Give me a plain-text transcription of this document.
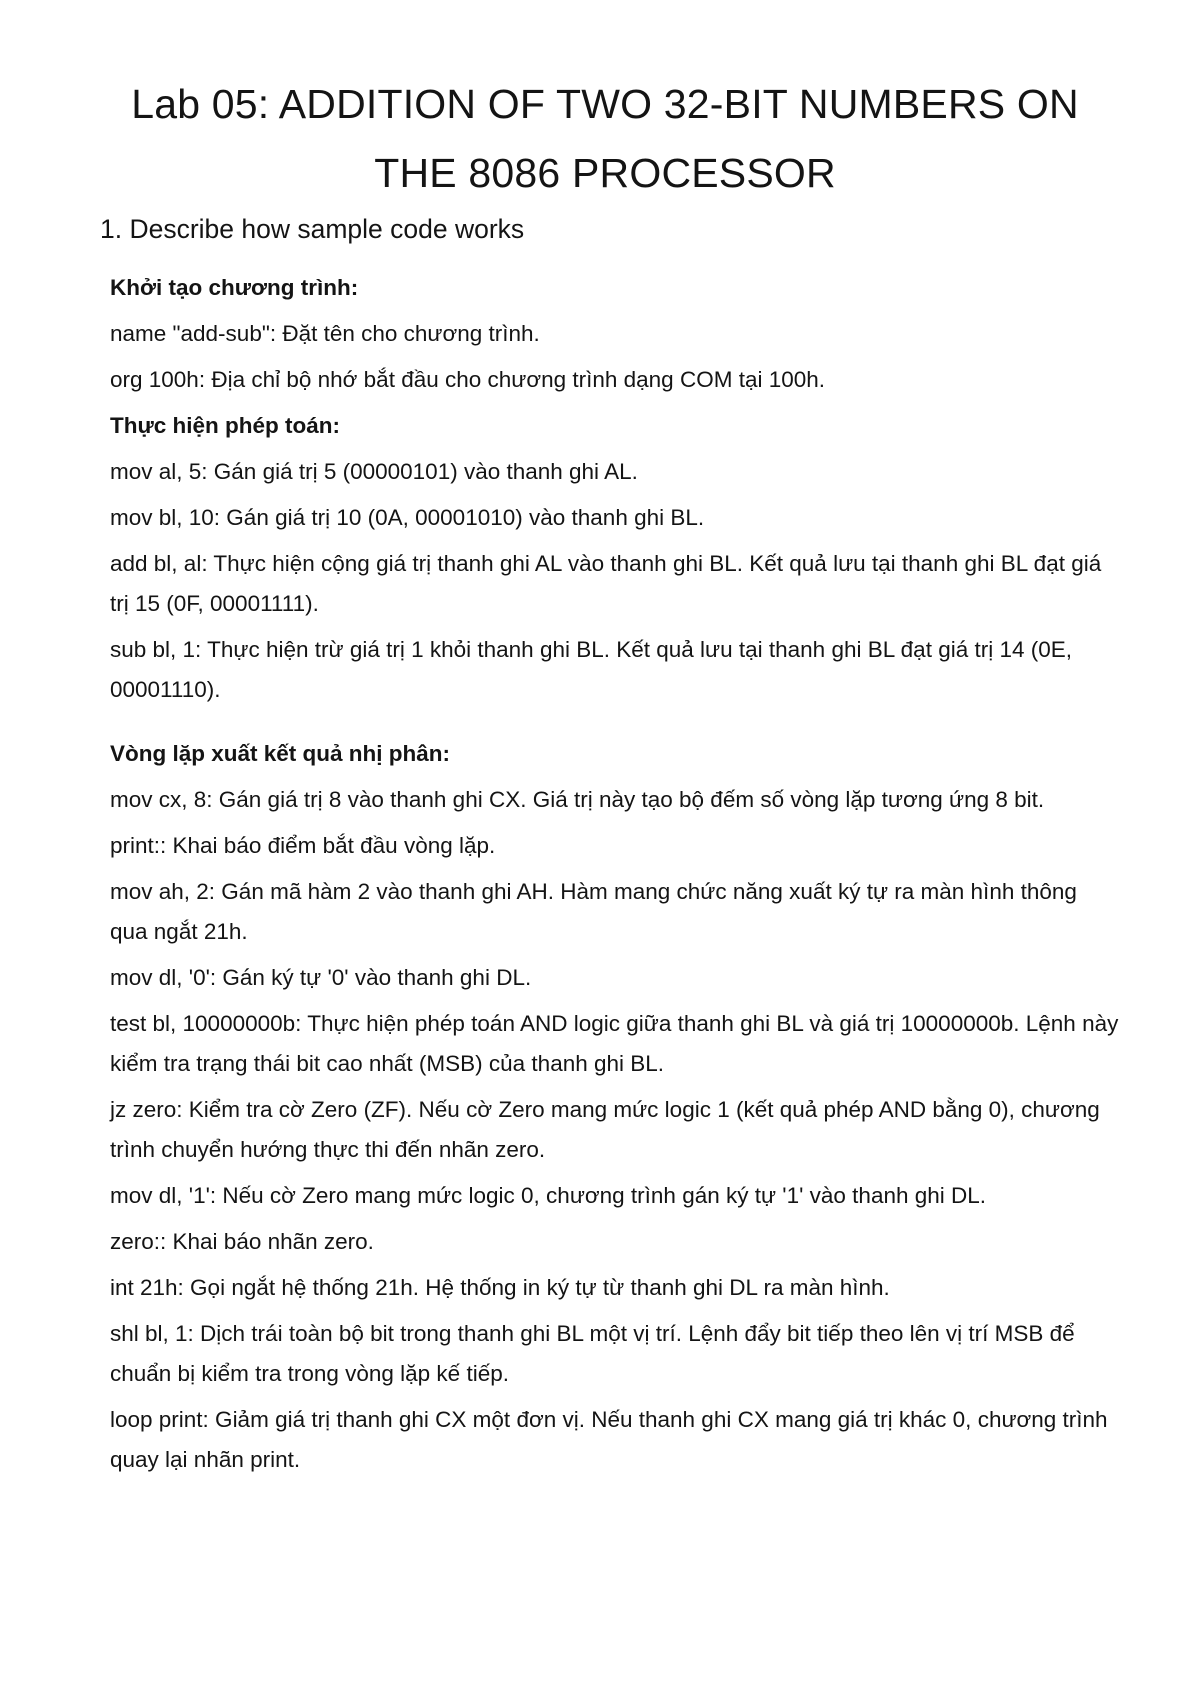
Lab 05: ADDITION OF TWO 32-BIT NUMBERS ON
THE 8086 PROCESSOR
1. Describe how sample code works

Khởi tạo chương trình:

name "add-sub": Đặt tên cho chương trình.

org 100h: Địa chỉ bộ nhớ bắt đầu cho chương trình dạng COM tại 100h.

Thực hiện phép toán:

mov al, 5: Gán giá trị 5 (00000101) vào thanh ghi AL.

mov bl, 10: Gán giá trị 10 (0A, 00001010) vào thanh ghi BL.

add bl, al: Thực hiện cộng giá trị thanh ghi AL vào thanh ghi BL. Kết quả lưu tại thanh ghi BL đạt giá trị 15 (0F, 00001111).

sub bl, 1: Thực hiện trừ giá trị 1 khỏi thanh ghi BL. Kết quả lưu tại thanh ghi BL đạt giá trị 14 (0E, 00001110).

Vòng lặp xuất kết quả nhị phân:

mov cx, 8: Gán giá trị 8 vào thanh ghi CX. Giá trị này tạo bộ đếm số vòng lặp tương ứng 8 bit.

print:: Khai báo điểm bắt đầu vòng lặp.

mov ah, 2: Gán mã hàm 2 vào thanh ghi AH. Hàm mang chức năng xuất ký tự ra màn hình thông qua ngắt 21h.

mov dl, '0': Gán ký tự '0' vào thanh ghi DL.

test bl, 10000000b: Thực hiện phép toán AND logic giữa thanh ghi BL và giá trị 10000000b. Lệnh này kiểm tra trạng thái bit cao nhất (MSB) của thanh ghi BL.

jz zero: Kiểm tra cờ Zero (ZF). Nếu cờ Zero mang mức logic 1 (kết quả phép AND bằng 0), chương trình chuyển hướng thực thi đến nhãn zero.

mov dl, '1': Nếu cờ Zero mang mức logic 0, chương trình gán ký tự '1' vào thanh ghi DL.

zero:: Khai báo nhãn zero.

int 21h: Gọi ngắt hệ thống 21h. Hệ thống in ký tự từ thanh ghi DL ra màn hình.

shl bl, 1: Dịch trái toàn bộ bit trong thanh ghi BL một vị trí. Lệnh đẩy bit tiếp theo lên vị trí MSB để chuẩn bị kiểm tra trong vòng lặp kế tiếp.

loop print: Giảm giá trị thanh ghi CX một đơn vị. Nếu thanh ghi CX mang giá trị khác 0, chương trình quay lại nhãn print.
